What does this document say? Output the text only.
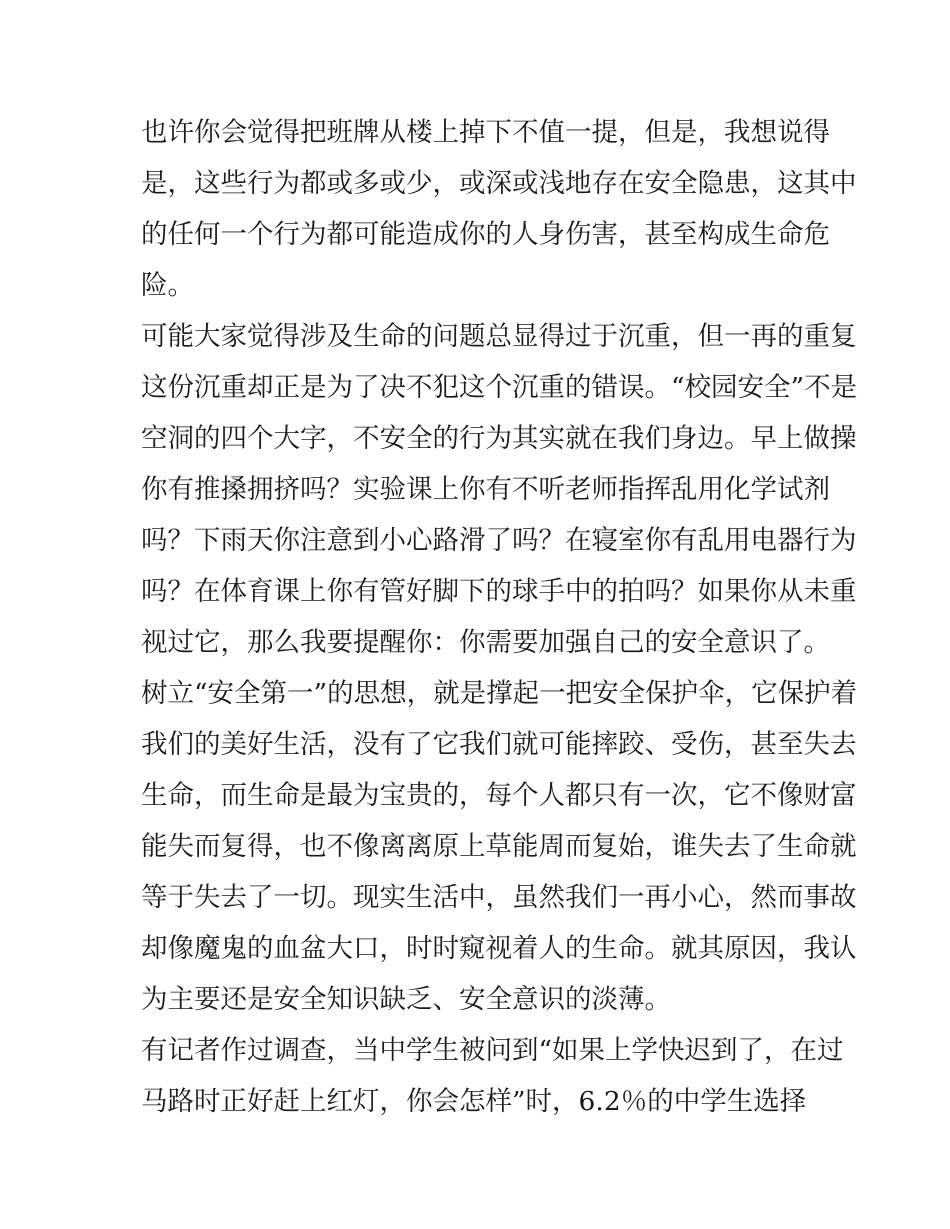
也许你会觉得把班牌从楼上掉下不值一提，但是，我想说得
是，这些行为都或多或少，或深或浅地存在安全隐患，这其中
的任何一个行为都可能造成你的人身伤害，甚至构成生命危
险。
可能大家觉得涉及生命的问题总显得过于沉重，但一再的重复
这份沉重却正是为了决不犯这个沉重的错误。“校园安全”不是
空洞的四个大字，不安全的行为其实就在我们身边。早上做操
你有推搡拥挤吗？实验课上你有不听老师指挥乱用化学试剂
吗？下雨天你注意到小心路滑了吗？在寝室你有乱用电器行为
吗？在体育课上你有管好脚下的球手中的拍吗？如果你从未重
视过它，那么我要提醒你：你需要加强自己的安全意识了。
树立“安全第一”的思想，就是撑起一把安全保护伞，它保护着
我们的美好生活，没有了它我们就可能摔跤、受伤，甚至失去
生命，而生命是最为宝贵的，每个人都只有一次，它不像财富
能失而复得，也不像离离原上草能周而复始，谁失去了生命就
等于失去了一切。现实生活中，虽然我们一再小心，然而事故
却像魔鬼的血盆大口，时时窥视着人的生命。就其原因，我认
为主要还是安全知识缺乏、安全意识的淡薄。
有记者作过调查，当中学生被问到“如果上学快迟到了，在过
马路时正好赶上红灯，你会怎样”时，6.2％的中学生选择
